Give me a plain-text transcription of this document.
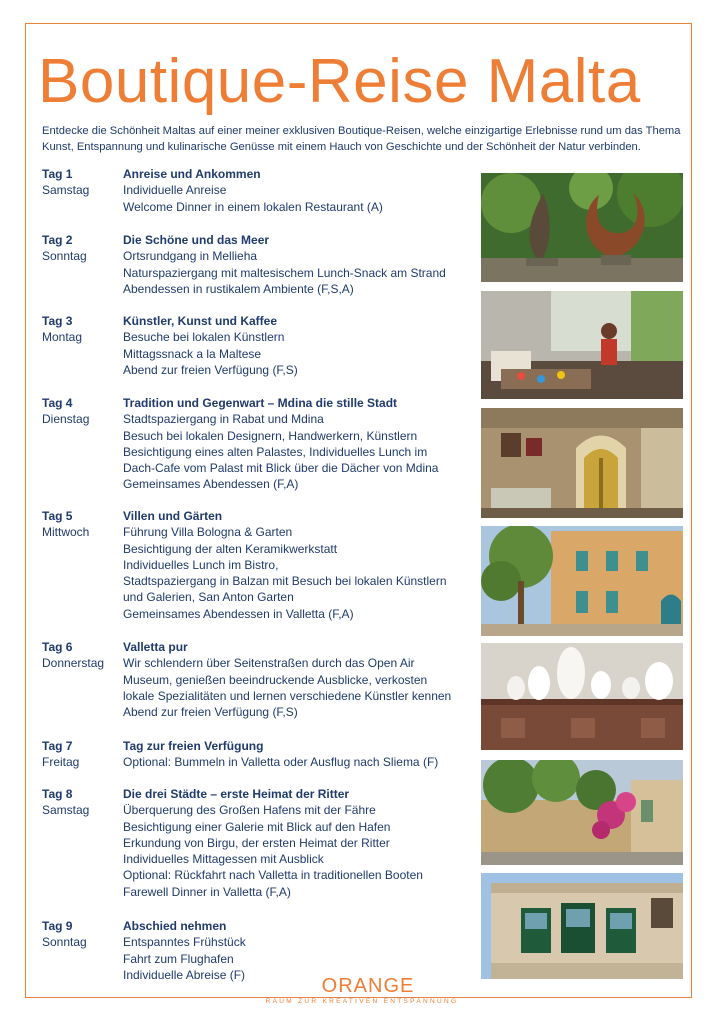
Boutique-Reise Malta

Entdecke die Schönheit Maltas auf einer meiner exklusiven Boutique-Reisen, welche einzigartige Erlebnisse rund um das Thema Kunst, Entspannung und kulinarische Genüsse mit einem Hauch von Geschichte und der Schönheit der Natur verbinden.

Tag 1
Samstag
Anreise und Ankommen
Individuelle Anreise
Welcome Dinner in einem lokalen Restaurant (A)
Tag 2
Sonntag
Die Schöne und das Meer
Ortsrundgang in Mellieha
Naturspaziergang mit maltesischem Lunch-Snack am Strand
Abendessen in rustikalem Ambiente (F,S,A)
Tag 3
Montag
Künstler, Kunst und Kaffee
Besuche bei lokalen Künstlern
Mittagssnack a la Maltese
Abend zur freien Verfügung (F,S)
Tag 4
Dienstag
Tradition und Gegenwart – Mdina die stille Stadt
Stadtspaziergang in Rabat und Mdina
Besuch bei lokalen Designern, Handwerkern, Künstlern
Besichtigung eines alten Palastes, Individuelles Lunch im
Dach-Cafe vom Palast mit Blick über die Dächer von Mdina
Gemeinsames Abendessen (F,A)
Tag 5
Mittwoch
Villen und Gärten
Führung Villa Bologna & Garten
Besichtigung der alten Keramikwerkstatt
Individuelles Lunch im Bistro,
Stadtspaziergang in Balzan mit Besuch bei lokalen Künstlern
und Galerien, San Anton Garten
Gemeinsames Abendessen in Valletta (F,A)
Tag 6
Donnerstag
Valletta pur
Wir schlendern über Seitenstraßen durch das Open Air
Museum, genießen beeindruckende Ausblicke, verkosten
lokale Spezialitäten und lernen verschiedene Künstler kennen
Abend zur freien Verfügung (F,S)
Tag 7
Freitag
Tag zur freien Verfügung
Optional: Bummeln in Valletta oder Ausflug nach Sliema (F)
Tag 8
Samstag
Die drei Städte – erste Heimat der Ritter
Überquerung des Großen Hafens mit der Fähre
Besichtigung einer Galerie mit Blick auf den Hafen
Erkundung von Birgu, der ersten Heimat der Ritter
Individuelles Mittagessen mit Ausblick
Optional: Rückfahrt nach Valletta in traditionellen Booten
Farewell Dinner in Valletta (F,A)
Tag 9
Sonntag
Abschied nehmen
Entspanntes Frühstück
Fahrt zum Flughafen
Individuelle Abreise (F)
ORANGE
RAUM ZUR KREATIVEN ENTSPANNUNG
